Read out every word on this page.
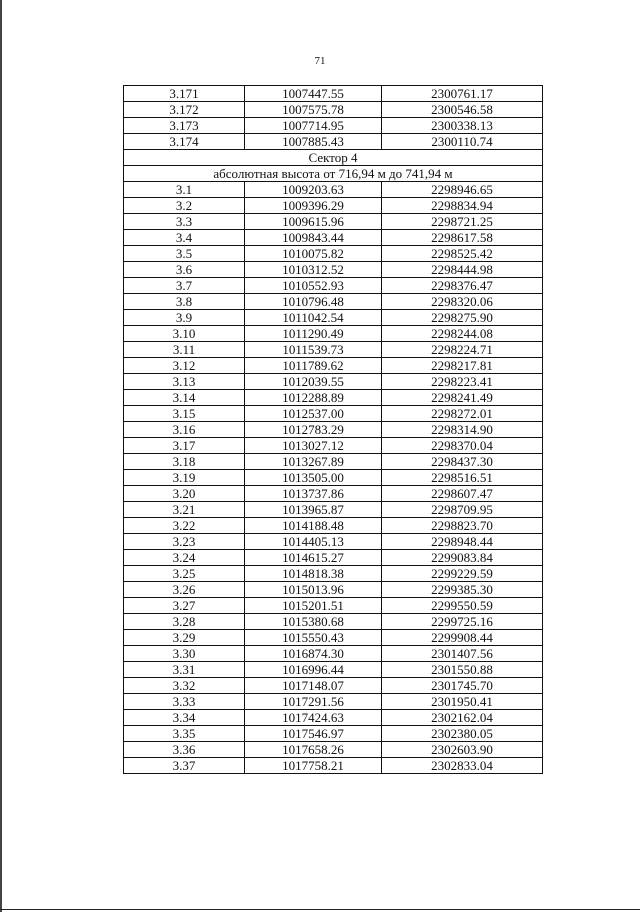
71
3.171	1007447.55	2300761.17
3.172	1007575.78	2300546.58
3.173	1007714.95	2300338.13
3.174	1007885.43	2300110.74
Сектор 4		
абсолютная высота от 716,94 м до 741,94 м		
3.1	1009203.63	2298946.65
3.2	1009396.29	2298834.94
3.3	1009615.96	2298721.25
3.4	1009843.44	2298617.58
3.5	1010075.82	2298525.42
3.6	1010312.52	2298444.98
3.7	1010552.93	2298376.47
3.8	1010796.48	2298320.06
3.9	1011042.54	2298275.90
3.10	1011290.49	2298244.08
3.11	1011539.73	2298224.71
3.12	1011789.62	2298217.81
3.13	1012039.55	2298223.41
3.14	1012288.89	2298241.49
3.15	1012537.00	2298272.01
3.16	1012783.29	2298314.90
3.17	1013027.12	2298370.04
3.18	1013267.89	2298437.30
3.19	1013505.00	2298516.51
3.20	1013737.86	2298607.47
3.21	1013965.87	2298709.95
3.22	1014188.48	2298823.70
3.23	1014405.13	2298948.44
3.24	1014615.27	2299083.84
3.25	1014818.38	2299229.59
3.26	1015013.96	2299385.30
3.27	1015201.51	2299550.59
3.28	1015380.68	2299725.16
3.29	1015550.43	2299908.44
3.30	1016874.30	2301407.56
3.31	1016996.44	2301550.88
3.32	1017148.07	2301745.70
3.33	1017291.56	2301950.41
3.34	1017424.63	2302162.04
3.35	1017546.97	2302380.05
3.36	1017658.26	2302603.90
3.37	1017758.21	2302833.04
